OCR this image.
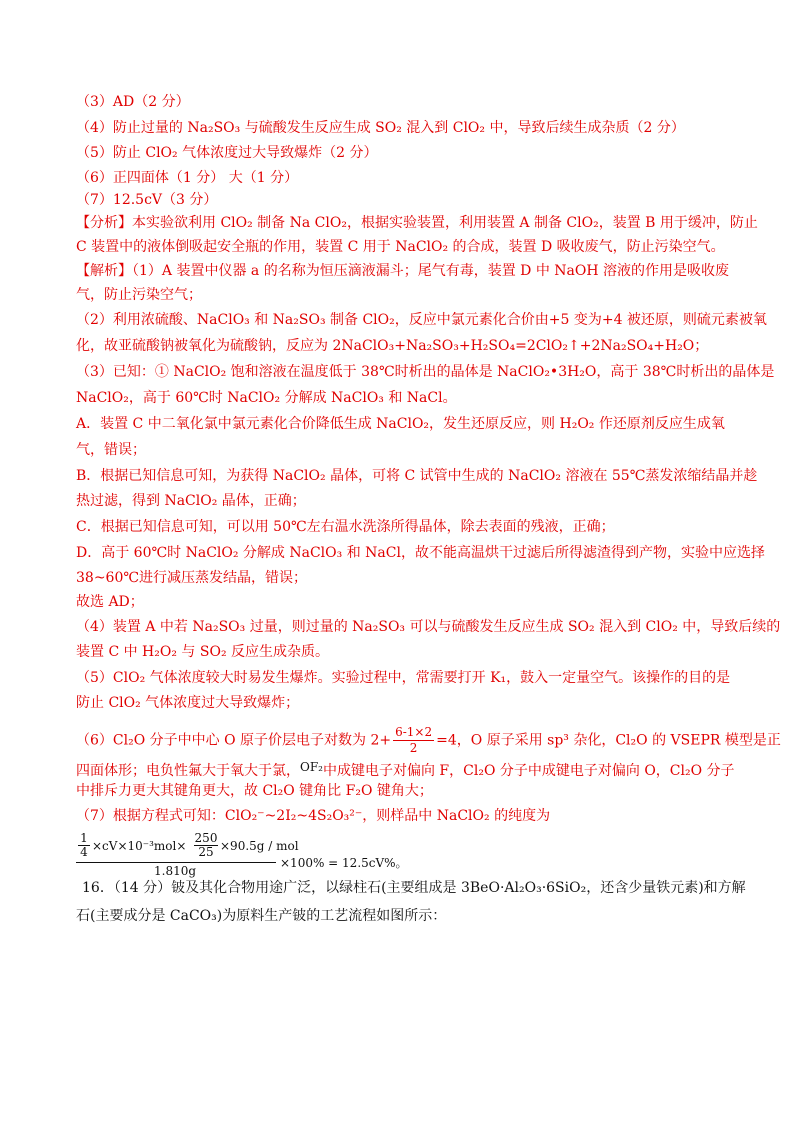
（3）AD（2 分）
（4）防止过量的 Na₂SO₃ 与硫酸发生反应生成 SO₂ 混入到 ClO₂ 中，导致后续生成杂质（2 分）
（5）防止 ClO₂ 气体浓度过大导致爆炸（2 分）
（6）正四面体（1 分） 大（1 分）
（7）12.5cV（3 分）
【分析】本实验欲利用 ClO₂ 制备 Na ClO₂，根据实验装置，利用装置 A 制备 ClO₂，装置 B 用于缓冲，防止
C 装置中的液体倒吸起安全瓶的作用，装置 C 用于 NaClO₂ 的合成，装置 D 吸收废气，防止污染空气。
【解析】（1）A 装置中仪器 a 的名称为恒压滴液漏斗；尾气有毒，装置 D 中 NaOH 溶液的作用是吸收废
气，防止污染空气；
（2）利用浓硫酸、NaClO₃ 和 Na₂SO₃ 制备 ClO₂，反应中氯元素化合价由+5 变为+4 被还原，则硫元素被氧
化，故亚硫酸钠被氧化为硫酸钠，反应为 2NaClO₃+Na₂SO₃+H₂SO₄=2ClO₂↑+2Na₂SO₄+H₂O；
（3）已知：① NaClO₂ 饱和溶液在温度低于 38℃时析出的晶体是 NaClO₂•3H₂O，高于 38℃时析出的晶体是
NaClO₂，高于 60℃时 NaClO₂ 分解成 NaClO₃ 和 NaCl。
A．装置 C 中二氧化氯中氯元素化合价降低生成 NaClO₂，发生还原反应，则 H₂O₂ 作还原剂反应生成氧
气，错误；
B．根据已知信息可知，为获得 NaClO₂ 晶体，可将 C 试管中生成的 NaClO₂ 溶液在 55℃蒸发浓缩结晶并趁
热过滤，得到 NaClO₂ 晶体，正确；
C．根据已知信息可知，可以用 50℃左右温水洗涤所得晶体，除去表面的残液，正确；
D．高于 60℃时 NaClO₂ 分解成 NaClO₃ 和 NaCl，故不能高温烘干过滤后所得滤渣得到产物，实验中应选择
38~60℃进行减压蒸发结晶，错误；
故选 AD；
（4）装置 A 中若 Na₂SO₃ 过量，则过量的 Na₂SO₃ 可以与硫酸发生反应生成 SO₂ 混入到 ClO₂ 中，导致后续的
装置 C 中 H₂O₂ 与 SO₂ 反应生成杂质。
（5）ClO₂ 气体浓度较大时易发生爆炸。实验过程中，常需要打开 K₁，鼓入一定量空气。该操作的目的是
防止 ClO₂ 气体浓度过大导致爆炸；
（6）Cl₂O 分子中中心 O 原子价层电子对数为 $2+ \frac{6-1\times 2}{2} =4$，O 原子采用 sp³ 杂化，Cl₂O 的 VSEPR 模型是正
四面体形；电负性氟大于氧大于氯，OF₂中成键电子对偏向 F，Cl₂O 分子中成键电子对偏向 O，Cl₂O 分子
中排斥力更大其键角更大，故 Cl₂O 键角比 F₂O 键角大；
（7）根据方程式可知：ClO₂⁻~2I₂~4S₂O₃²⁻，则样品中 NaClO₂ 的纯度为
1
4 ×cV×10⁻³mol×
250
25 ×90.5g / mol
1.810g
×100% = 12.5cV%。
16．（14 分）铍及其化合物用途广泛，以绿柱石(主要组成是 3BeO·Al₂O₃·6SiO₂，还含少量铁元素)和方解
石(主要成分是 CaCO₃)为原料生产铍的工艺流程如图所示：
